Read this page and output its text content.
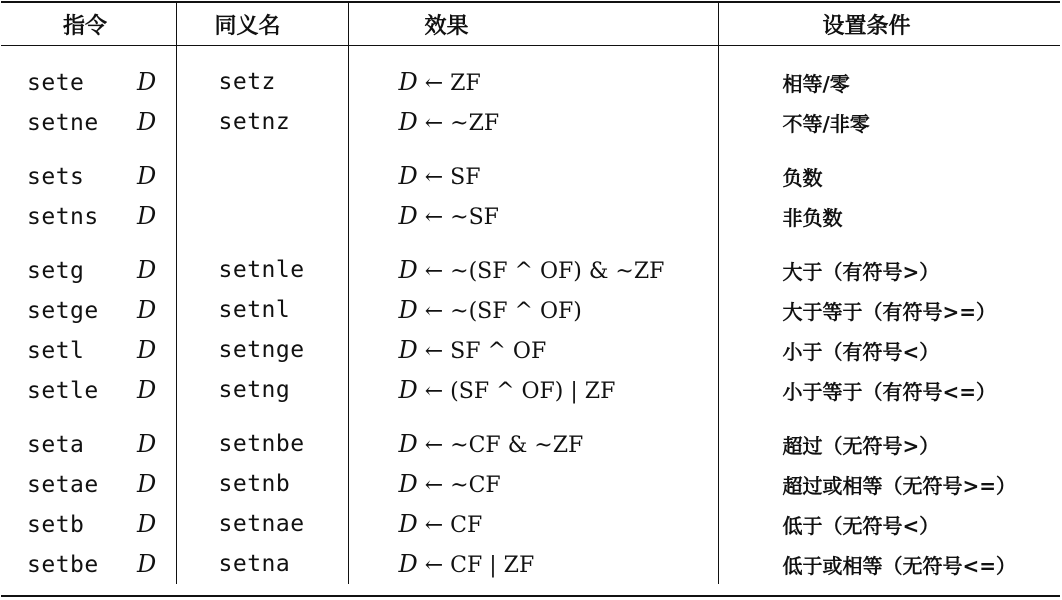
指令	同义名	效果	设置条件
sete D	setz	D ← ZF	相等/零
setne D	setnz	D ← ~ZF	不等/非零

sets D		D ← SF	负数
setns D		D ← ~SF	非负数

setg D	setnle	D ← ~(SF ^ OF) & ~ZF	大于（有符号>）
setge D	setnl	D ← ~(SF ^ OF)	大于等于（有符号>=）
setl D	setnge	D ← SF ^ OF	小于（有符号<）
setle D	setng	D ← (SF ^ OF) | ZF	小于等于（有符号<=）

seta D	setnbe	D ← ~CF & ~ZF	超过（无符号>）
setae D	setnb	D ← ~CF	超过或相等（无符号>=）
setb D	setnae	D ← CF	低于（无符号<）
setbe D	setna	D ← CF | ZF	低于或相等（无符号<=）
